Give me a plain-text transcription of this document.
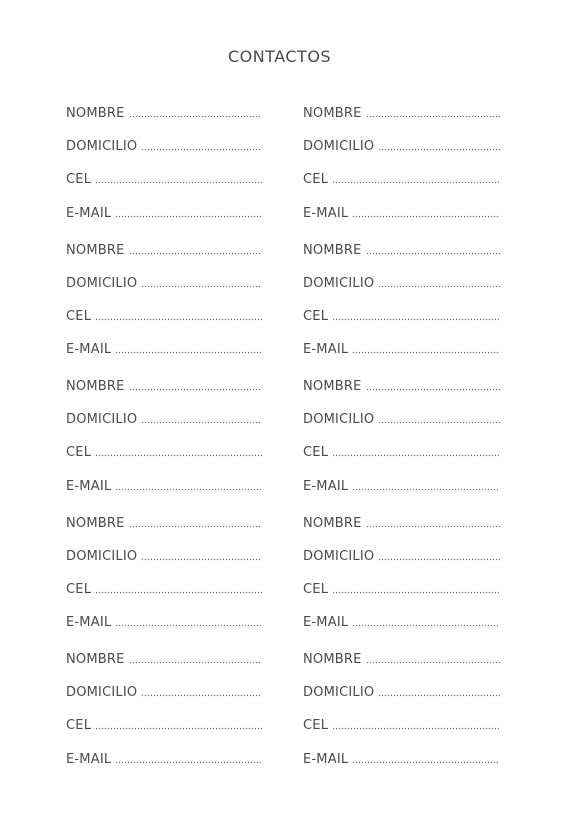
CONTACTOS
NOMBRE
DOMICILIO
CEL
E-MAIL
NOMBRE
DOMICILIO
CEL
E-MAIL
NOMBRE
DOMICILIO
CEL
E-MAIL
NOMBRE
DOMICILIO
CEL
E-MAIL
NOMBRE
DOMICILIO
CEL
E-MAIL
NOMBRE
DOMICILIO
CEL
E-MAIL
NOMBRE
DOMICILIO
CEL
E-MAIL
NOMBRE
DOMICILIO
CEL
E-MAIL
NOMBRE
DOMICILIO
CEL
E-MAIL
NOMBRE
DOMICILIO
CEL
E-MAIL
